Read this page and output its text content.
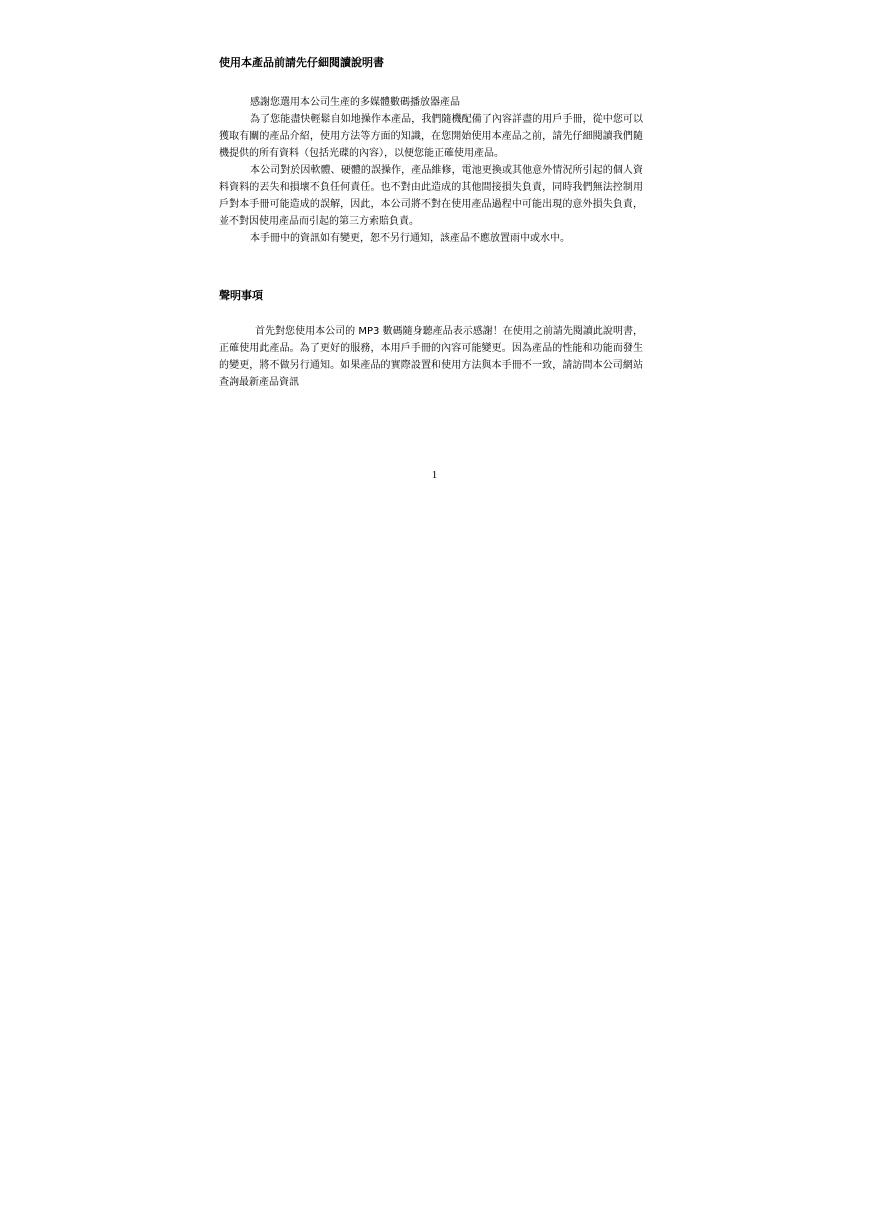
使用本產品前請先仔細閱讀說明書

感謝您選用本公司生產的多媒體數碼播放器產品

為了您能盡快輕鬆自如地操作本產品，我們隨機配備了內容詳盡的用戶手冊，從中您可以獲取有關的產品介紹，使用方法等方面的知識，在您開始使用本產品之前，請先仔細閱讀我們隨機提供的所有資料（包括光碟的內容），以便您能正確使用產品。

本公司對於因軟體、硬體的誤操作，產品維修，電池更換或其他意外情況所引起的個人資料資料的丟失和損壞不負任何責任。也不對由此造成的其他間接損失負責，同時我們無法控制用戶對本手冊可能造成的誤解，因此，本公司將不對在使用產品過程中可能出現的意外損失負責，並不對因使用產品而引起的第三方索賠負責。

本手冊中的資訊如有變更，恕不另行通知，該產品不應放置雨中或水中。

聲明事項

首先對您使用本公司的 MP3 數碼隨身聽產品表示感謝！在使用之前請先閱讀此說明書，正確使用此產品。為了更好的服務，本用戶手冊的內容可能變更。因為產品的性能和功能而發生的變更，將不做另行通知。如果產品的實際設置和使用方法與本手冊不一致，請訪問本公司網站查詢最新產品資訊

1
